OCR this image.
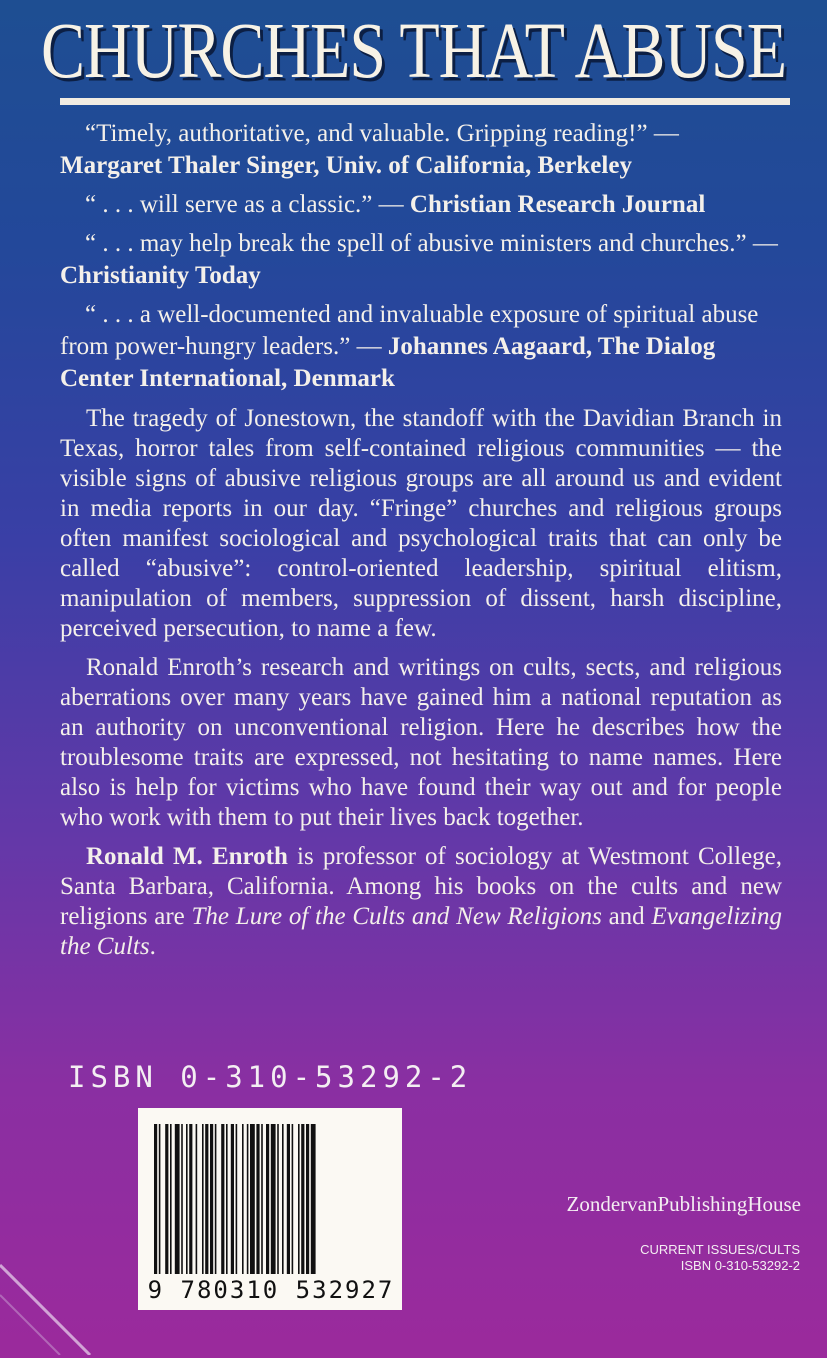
CHURCHES THAT ABUSE

“Timely, authoritative, and valuable. Gripping reading!” — Margaret Thaler Singer, Univ. of California, Berkeley

“ . . . will serve as a classic.” — Christian Research Journal

“ . . . may help break the spell of abusive ministers and churches.” — Christianity Today

“ . . . a well-documented and invaluable exposure of spiritual abuse from power-hungry leaders.” — Johannes Aagaard, The Dialog Center International, Denmark

The tragedy of Jonestown, the standoff with the Davidian Branch in Texas, horror tales from self-contained religious communities — the visible signs of abusive religious groups are all around us and evident in media reports in our day. “Fringe” churches and religious groups often manifest sociological and psychological traits that can only be called “abusive”: control-oriented leadership, spiritual elitism, manipulation of members, suppression of dissent, harsh discipline, perceived persecution, to name a few.

Ronald Enroth’s research and writings on cults, sects, and religious aberrations over many years have gained him a national reputation as an authority on unconventional religion. Here he describes how the troublesome traits are expressed, not hesitating to name names. Here also is help for victims who have found their way out and for people who work with them to put their lives back together.

Ronald M. Enroth is professor of sociology at Westmont College, Santa Barbara, California. Among his books on the cults and new religions are The Lure of the Cults and New Religions and Evangelizing the Cults.

ISBN 0-310-53292-2
9 780310 532927
ZondervanPublishingHouse
CURRENT ISSUES/CULTS
ISBN 0-310-53292-2
